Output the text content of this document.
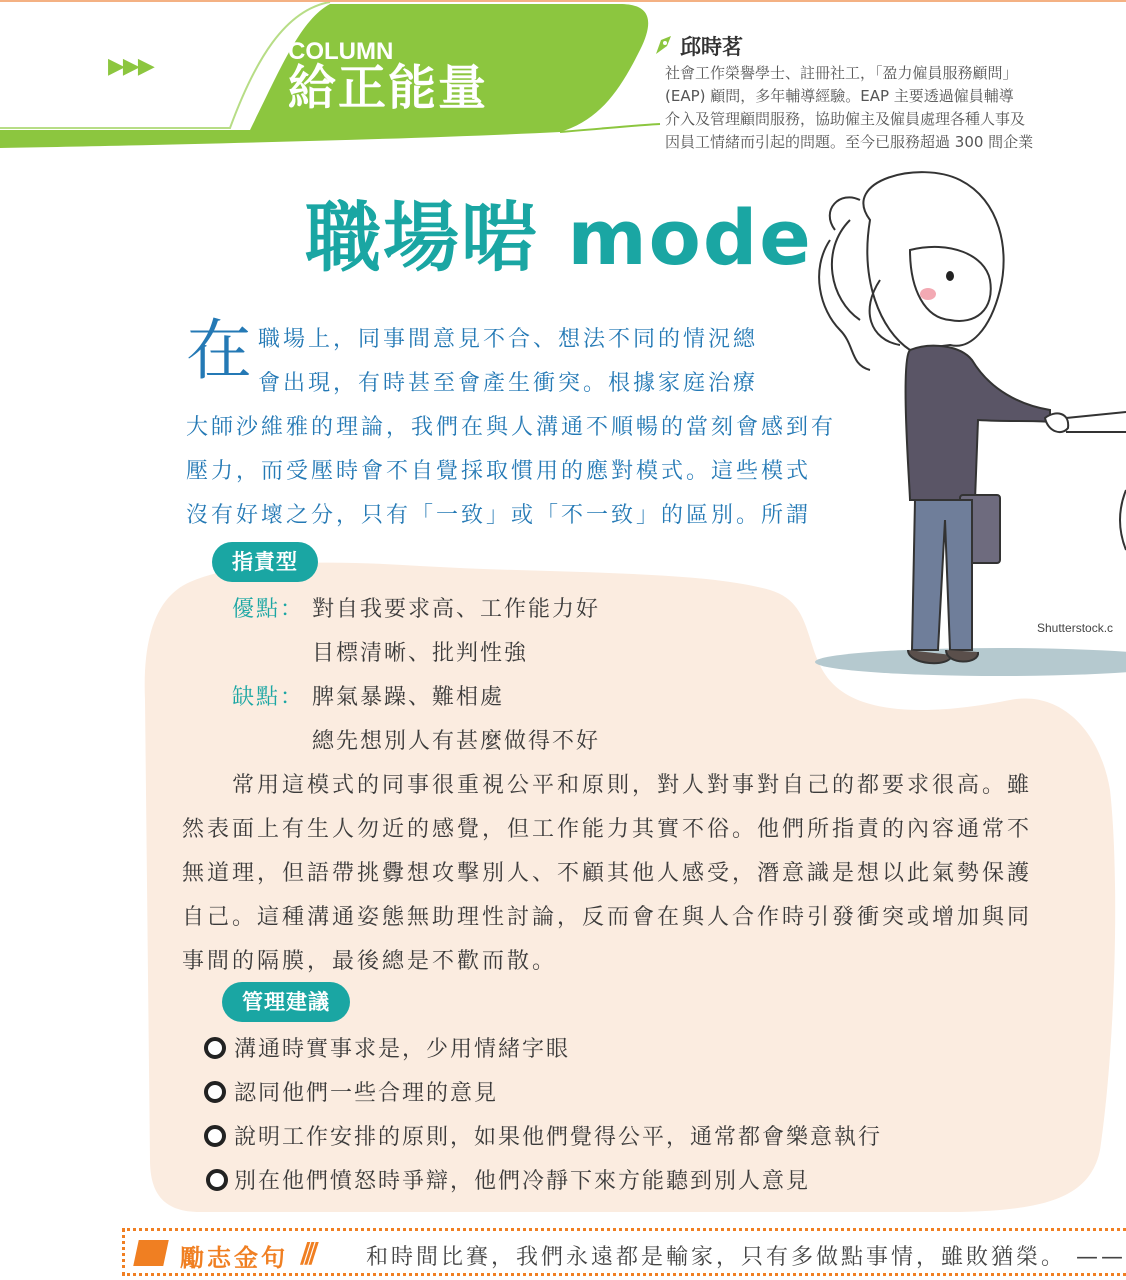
▶▶▶
COLUMN
給正能量
邱時茗
社會工作榮譽學士、註冊社工，「盈力僱員服務顧問」
(EAP) 顧問，多年輔導經驗。EAP 主要透過僱員輔導
介入及管理顧問服務，協助僱主及僱員處理各種人事及
因員工情緒而引起的問題。至今已服務超過 300 間企業
Shutterstock.c
職場啱 mode
在 職場上，同事間意見不合、想法不同的情況總
會出現，有時甚至會產生衝突。根據家庭治療
大師沙維雅的理論，我們在與人溝通不順暢的當刻會感到有
壓力，而受壓時會不自覺採取慣用的應對模式。這些模式
沒有好壞之分，只有「一致」或「不一致」的區別。所謂
指責型
優點： 對自我要求高、工作能力好
目標清晰、批判性強
缺點： 脾氣暴躁、難相處
總先想別人有甚麼做得不好
常用這模式的同事很重視公平和原則，對人對事對自己的都要求很高。雖
然表面上有生人勿近的感覺，但工作能力其實不俗。他們所指責的內容通常不
無道理，但語帶挑釁想攻擊別人、不顧其他人感受，潛意識是想以此氣勢保護
自己。這種溝通姿態無助理性討論，反而會在與人合作時引發衝突或增加與同
事間的隔膜，最後總是不歡而散。
管理建議
溝通時實事求是，少用情緒字眼
認同他們一些合理的意見
說明工作安排的原則，如果他們覺得公平，通常都會樂意執行
別在他們憤怒時爭辯，他們冷靜下來方能聽到別人意見
勵志金句 /// 和時間比賽，我們永遠都是輸家，只有多做點事情，雖敗猶榮。 ——
